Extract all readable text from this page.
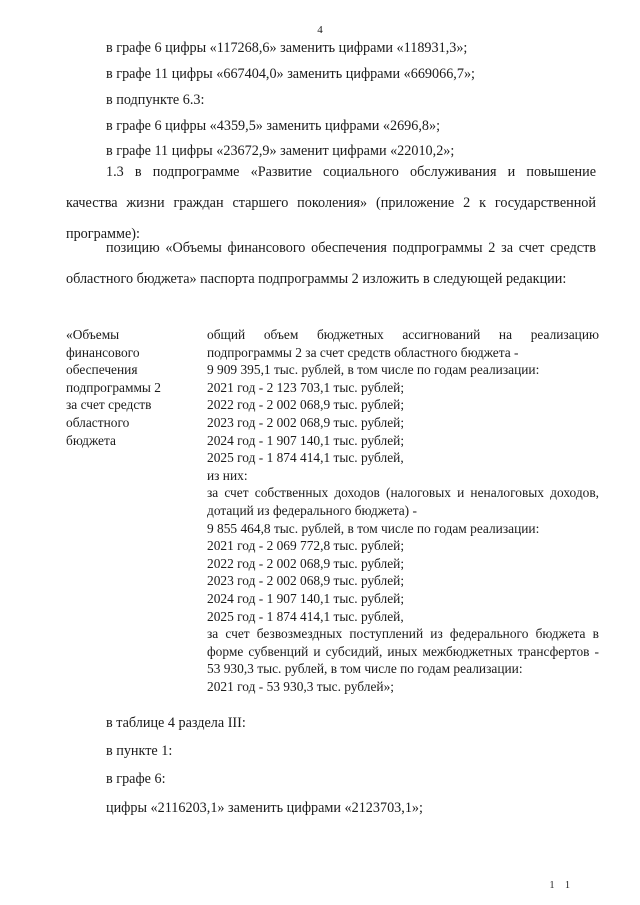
4
в графе 6 цифры «117268,6» заменить цифрами «118931,3»;
в графе 11 цифры «667404,0» заменить цифрами «669066,7»;
в подпункте 6.3:
в графе 6 цифры «4359,5» заменить цифрами «2696,8»;
в графе 11 цифры «23672,9» заменит цифрами «22010,2»;
1.3 в подпрограмме «Развитие социального обслуживания и повышение качества жизни граждан старшего поколения» (приложение 2 к государственной программе):
позицию «Объемы финансового обеспечения подпрограммы 2 за счет средств областного бюджета» паспорта подпрограммы 2 изложить в следующей редакции:
«Объемы
финансового
обеспечения
подпрограммы 2
за счет средств
областного
бюджета
общий объем бюджетных ассигнований на реализацию подпрограммы 2 за счет средств областного бюджета -
9 909 395,1 тыс. рублей, в том числе по годам реализации:
2021 год - 2 123 703,1 тыс. рублей;
2022 год - 2 002 068,9 тыс. рублей;
2023 год - 2 002 068,9 тыс. рублей;
2024 год - 1 907 140,1 тыс. рублей;
2025 год - 1 874 414,1 тыс. рублей,
из них:
за счет собственных доходов (налоговых и неналоговых доходов, дотаций из федерального бюджета) -
9 855 464,8 тыс. рублей, в том числе по годам реализации:
2021 год - 2 069 772,8 тыс. рублей;
2022 год - 2 002 068,9 тыс. рублей;
2023 год - 2 002 068,9 тыс. рублей;
2024 год - 1 907 140,1 тыс. рублей;
2025 год - 1 874 414,1 тыс. рублей,
за счет безвозмездных поступлений из федерального бюджета в форме субвенций и субсидий, иных межбюджетных трансфертов - 53 930,3 тыс. рублей, в том числе по годам реализации:
2021 год - 53 930,3 тыс. рублей»;
в таблице 4 раздела III:
в пункте 1:
в графе 6:
цифры «2116203,1» заменить цифрами «2123703,1»;
1 1
